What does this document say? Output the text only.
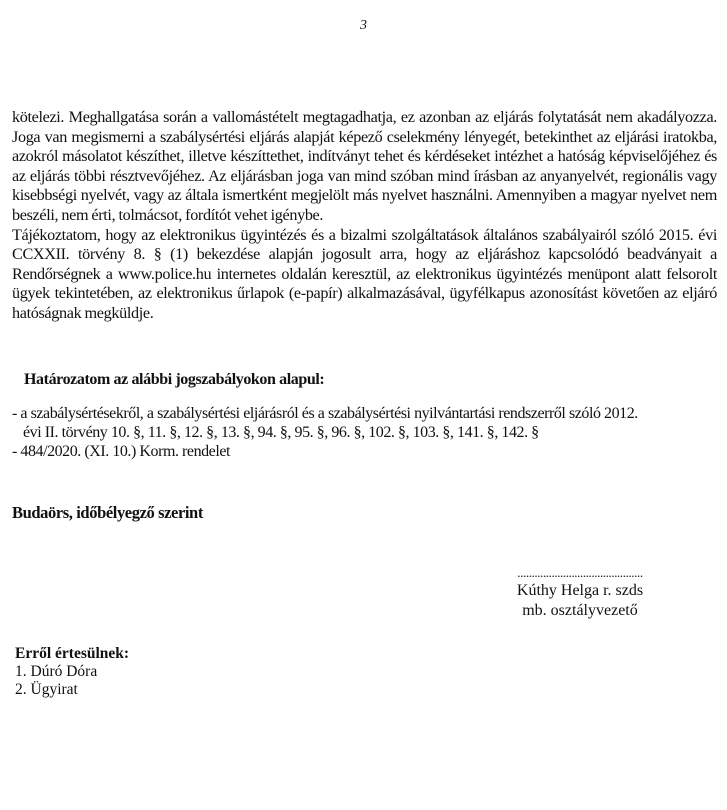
3

kötelezi. Meghallgatása során a vallomástételt megtagadhatja, ez azonban az eljárás folytatását nem akadályozza. Joga van megismerni a szabálysértési eljárás alapját képező cselekmény lényegét, betekinthet az eljárási iratokba, azokról másolatot készíthet, illetve készíttethet, indítványt tehet és kérdéseket intézhet a hatóság képviselőjéhez és az eljárás többi résztvevőjéhez. Az eljárásban joga van mind szóban mind írásban az anyanyelvét, regionális vagy kisebbségi nyelvét, vagy az általa ismertként megjelölt más nyelvet használni. Amennyiben a magyar nyelvet nem beszéli, nem érti, tolmácsot, fordítót vehet igénybe.

Tájékoztatom, hogy az elektronikus ügyintézés és a bizalmi szolgáltatások általános szabályairól szóló 2015. évi CCXXII. törvény 8. § (1) bekezdése alapján jogosult arra, hogy az eljáráshoz kapcsolódó beadványait a Rendőrségnek a www.police.hu internetes oldalán keresztül, az elektronikus ügyintézés menüpont alatt felsorolt ügyek tekintetében, az elektronikus űrlapok (e-papír) alkalmazásával, ügyfélkapus azonosítást követően az eljáró hatóságnak megküldje.

Határozatom az alábbi jogszabályokon alapul:
- a szabálysértésekről, a szabálysértési eljárásról és a szabálysértési nyilvántartási rendszerről szóló 2012.
évi II. törvény 10. §, 11. §, 12. §, 13. §, 94. §, 95. §, 96. §, 102. §, 103. §, 141. §, 142. §
- 484/2020. (XI. 10.) Korm. rendelet
Budaörs, időbélyegző szerint
............................................
Kúthy Helga r. szds
mb. osztályvezető
Erről értesülnek:
1. Dúró Dóra
2. Ügyirat
